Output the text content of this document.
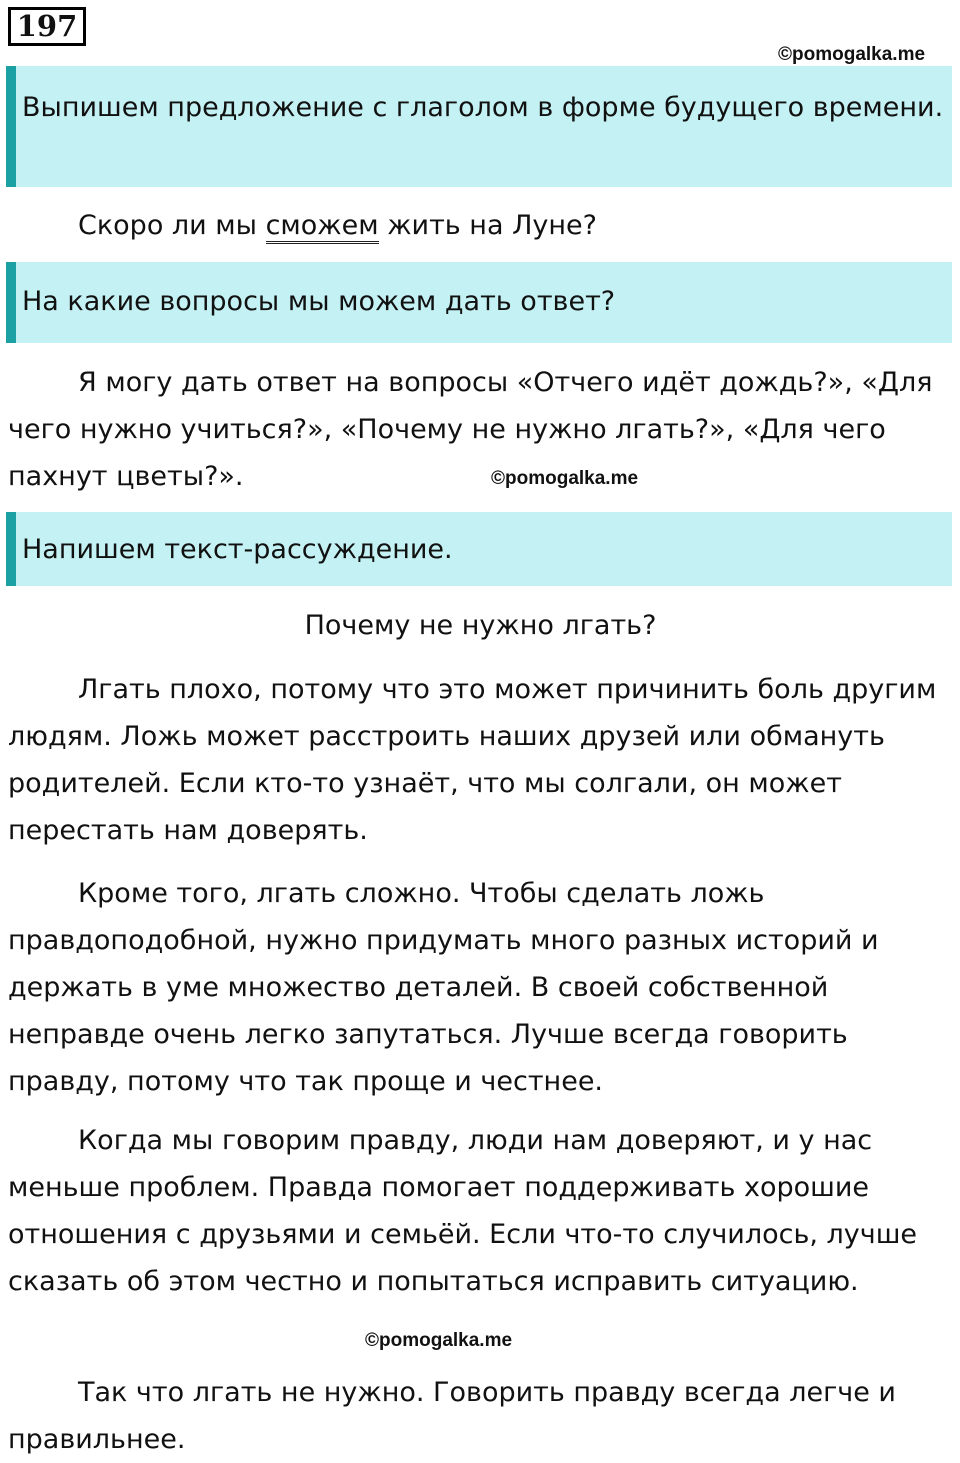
197
©pomogalka.me
Выпишем предложение с глаголом в форме будущего времени.

Скоро ли мы сможем жить на Луне?

На какие вопросы мы можем дать ответ?

Я могу дать ответ на вопросы «Отчего идёт дождь?», «Для чего нужно учиться?», «Почему не нужно лгать?», «Для чего пахнут цветы?».	©pomogalka.me
Напишем текст-рассуждение.
Почему не нужно лгать?

Лгать плохо, потому что это может причинить боль другим людям. Ложь может расстроить наших друзей или обмануть родителей. Если кто-то узнаёт, что мы солгали, он может перестать нам доверять.

Кроме того, лгать сложно. Чтобы сделать ложь правдоподобной, нужно придумать много разных историй и держать в уме множество деталей. В своей собственной неправде очень легко запутаться. Лучше всегда говорить правду, потому что так проще и честнее.

Когда мы говорим правду, люди нам доверяют, и у нас меньше проблем. Правда помогает поддерживать хорошие отношения с друзьями и семьёй. Если что-то случилось, лучше сказать об этом честно и попытаться исправить ситуацию.

©pomogalka.me

Так что лгать не нужно. Говорить правду всегда легче и правильнее.
